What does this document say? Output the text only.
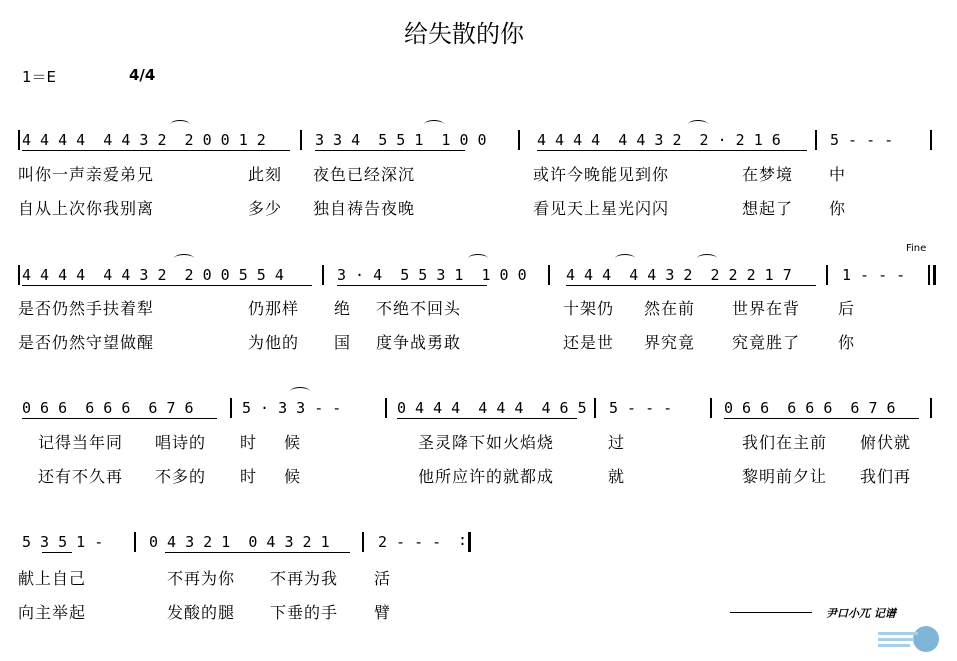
给失散的你
1＝E	4/4
4 4 4 4  4 4 3 2  2 0 0 1 2	3 3 4  5 5 1  1 0 0	4 4 4 4  4 4 3 2  2 · 2 1 6	5 - - -
叫你一声亲爱弟兄	此刻 夜色已经深沉	或许今晚能见到你	在梦境 中
自从上次你我别离	多少 独自祷告夜晚	看见天上星光闪闪	想起了 你
Fine
4 4 4 4  4 4 3 2  2 0 0 5 5 4	3 · 4  5 5 3 1  1 0 0	4 4 4  4 4 3 2  2 2 2 1 7	1 - - -
是否仍然手扶着犁	仍那样 绝 不绝不回头	十架仍 然在前 世界在背 后
是否仍然守望做醒	为他的 国 度争战勇敢	还是世 界究竟 究竟胜了 你
0 6 6  6 6 6  6 7 6	5 · 3 3 - -	0 4 4 4  4 4 4  4 6 5 5 - - -	0 6 6  6 6 6  6 7 6
记得当年同 唱诗的 时 候	圣灵降下如火焰烧	过	我们在主前 俯伏就
还有不久再 不多的 时 候	他所应许的就都成	就	黎明前夕让 我们再
5 3 5 1 -	0 4 3 2 1  0 4 3 2 1	2 - - - :
献上自己	不再为你 不再为我 活
向主举起	发酸的腿 下垂的手 臂	尹口小兀 记谱
